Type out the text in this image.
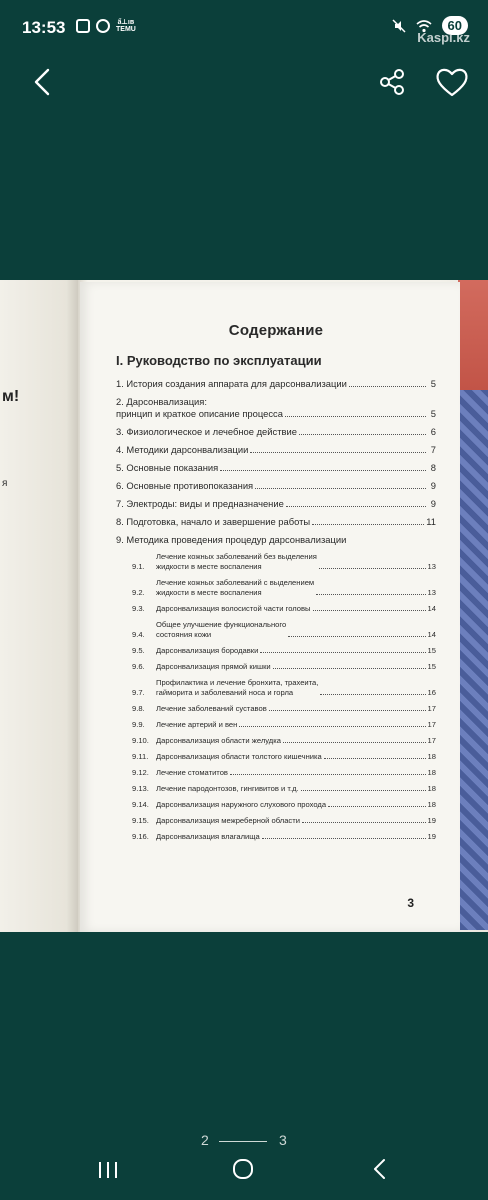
13:53	ẩ⊥ıʙ
TEMU	60
Kaspi.kz
м!
я
Содержание
I. Руководство по эксплуатации
1. История создания аппарата для дарсонвализации	5
2. Дарсонвализация:
принцип и краткое описание процесса	5
3. Физиологическое и лечебное действие	6
4. Методики дарсонвализации	7
5. Основные показания	8
6. Основные противопоказания	9
7. Электроды: виды и предназначение	9
8. Подготовка, начало и завершение работы	11
9. Методика проведения процедур дарсонвализации
9.1.
Лечение кожных заболеваний без выделения
жидкости в месте воспаления	13
9.2.
Лечение кожных заболеваний с выделением
жидкости в месте воспаления	13
9.3.	Дарсонвализация волосистой части головы	14
9.4.
Общее улучшение функционального
состояния кожи	14
9.5.	Дарсонвализация бородавки	15
9.6.	Дарсонвализация прямой кишки	15
9.7.
Профилактика и лечение бронхита, трахеита,
гайморита и заболеваний носа и горла	16
9.8.	Лечение заболеваний суставов	17
9.9.	Лечение артерий и вен	17
9.10. Дарсонвализация области желудка	17
9.11.	Дарсонвализация области толстого кишечника	18
9.12. Лечение стоматитов	18
9.13. Лечение пародонтозов, гингивитов и т.д.	18
9.14. Дарсонвализация наружного слухового прохода	18
9.15. Дарсонвализация межреберной области	19
9.16. Дарсонвализация влагалища	19
3
2	3
